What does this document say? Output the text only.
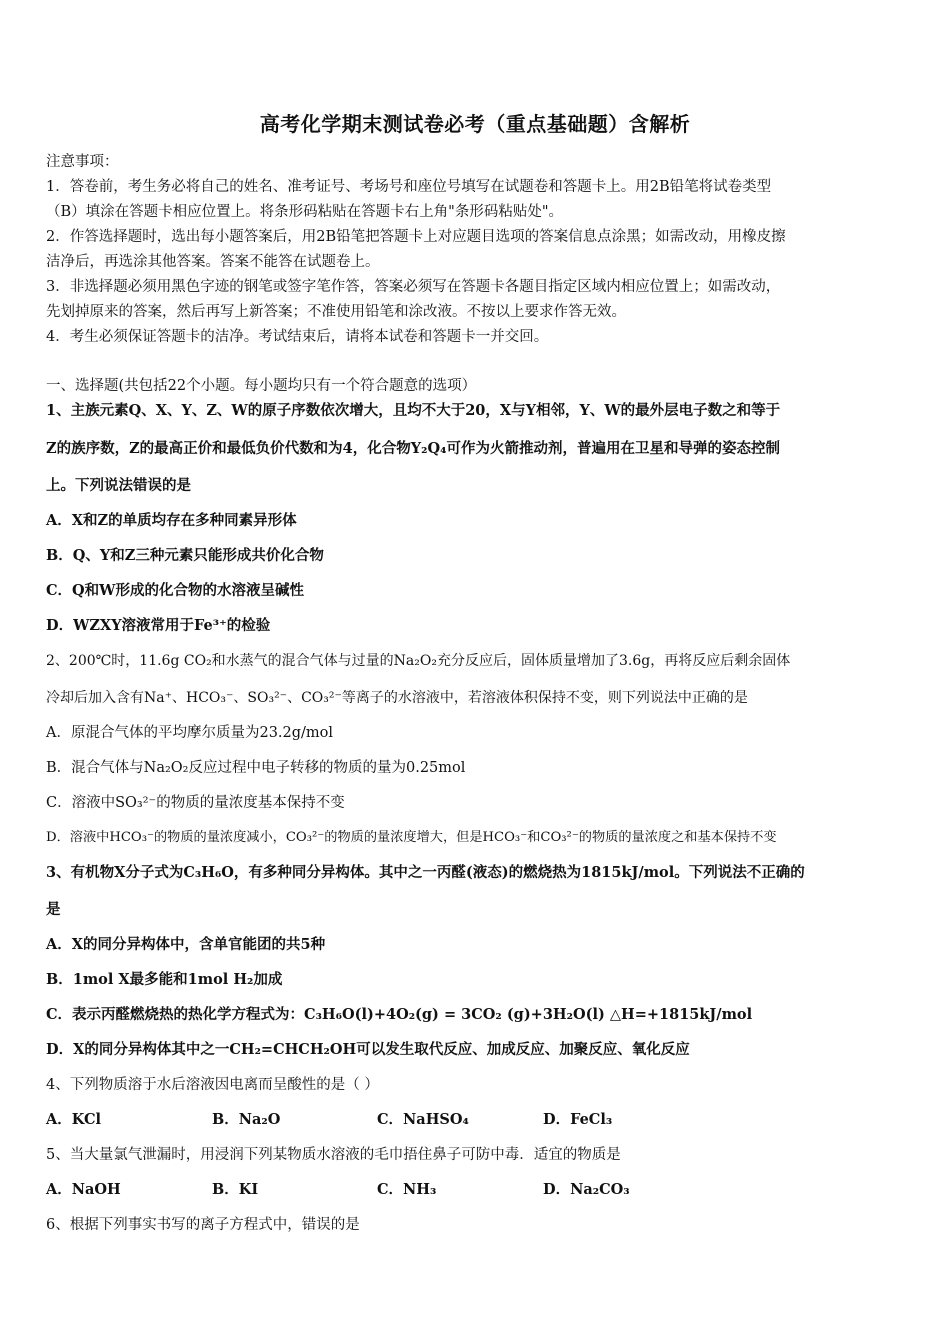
高考化学期末测试卷必考（重点基础题）含解析
注意事项：
1．答卷前，考生务必将自己的姓名、准考证号、考场号和座位号填写在试题卷和答题卡上。用2B铅笔将试卷类型
（B）填涂在答题卡相应位置上。将条形码粘贴在答题卡右上角"条形码粘贴处"。
2．作答选择题时，选出每小题答案后，用2B铅笔把答题卡上对应题目选项的答案信息点涂黑；如需改动，用橡皮擦
洁净后，再选涂其他答案。答案不能答在试题卷上。
3．非选择题必须用黑色字迹的钢笔或签字笔作答，答案必须写在答题卡各题目指定区域内相应位置上；如需改动，
先划掉原来的答案，然后再写上新答案；不准使用铅笔和涂改液。不按以上要求作答无效。
4．考生必须保证答题卡的洁净。考试结束后，请将本试卷和答题卡一并交回。
一、选择题(共包括22个小题。每小题均只有一个符合题意的选项）
1、主族元素Q、X、Y、Z、W的原子序数依次增大，且均不大于20，X与Y相邻，Y、W的最外层电子数之和等于
Z的族序数，Z的最高正价和最低负价代数和为4，化合物Y₂Q₄可作为火箭推动剂，普遍用在卫星和导弹的姿态控制
上。下列说法错误的是
A．X和Z的单质均存在多种同素异形体
B．Q、Y和Z三种元素只能形成共价化合物
C．Q和W形成的化合物的水溶液呈碱性
D．WZXY溶液常用于Fe³⁺的检验
2、200℃时，11.6g CO₂和水蒸气的混合气体与过量的Na₂O₂充分反应后，固体质量增加了3.6g，再将反应后剩余固体
冷却后加入含有Na⁺、HCO₃⁻、SO₃²⁻、CO₃²⁻等离子的水溶液中，若溶液体积保持不变，则下列说法中正确的是
A．原混合气体的平均摩尔质量为23.2g/mol
B．混合气体与Na₂O₂反应过程中电子转移的物质的量为0.25mol
C．溶液中SO₃²⁻的物质的量浓度基本保持不变
D．溶液中HCO₃⁻的物质的量浓度减小，CO₃²⁻的物质的量浓度增大，但是HCO₃⁻和CO₃²⁻的物质的量浓度之和基本保持不变
3、有机物X分子式为C₃H₆O，有多种同分异构体。其中之一丙醛(液态)的燃烧热为1815kJ/mol。下列说法不正确的
是
A．X的同分异构体中，含单官能团的共5种
B．1mol X最多能和1mol H₂加成
C．表示丙醛燃烧热的热化学方程式为：C₃H₆O(l)+4O₂(g) = 3CO₂ (g)+3H₂O(l) △H=+1815kJ/mol
D．X的同分异构体其中之一CH₂=CHCH₂OH可以发生取代反应、加成反应、加聚反应、氧化反应
4、下列物质溶于水后溶液因电离而呈酸性的是（ ）
A．KCl	B．Na₂O	C．NaHSO₄	D．FeCl₃
5、当大量氯气泄漏时，用浸润下列某物质水溶液的毛巾捂住鼻子可防中毒．适宜的物质是
A．NaOH	B．KI	C．NH₃	D．Na₂CO₃
6、根据下列事实书写的离子方程式中，错误的是
